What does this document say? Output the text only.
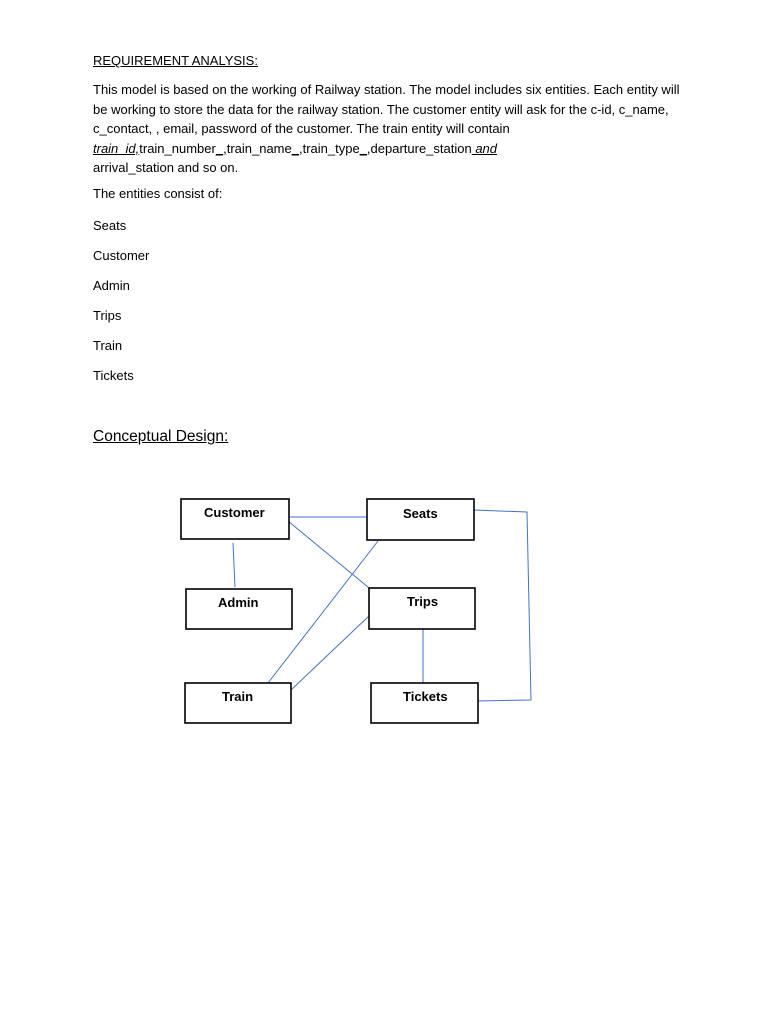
REQUIREMENT ANALYSIS:
This model is based on the working of Railway station. The model includes six entities. Each entity will be working to store the data for the railway station. The customer entity will ask for the c-id, c_name, c_contact, , email, password of the customer. The train entity will contain train_id,train_number_,train_name_,train_type_,departure_station and
arrival_station and so on.
The entities consist of:
Seats
Customer
Admin
Trips
Train
Tickets
Conceptual Design:
Customer	Seats
Admin	Trips
Train	Tickets
